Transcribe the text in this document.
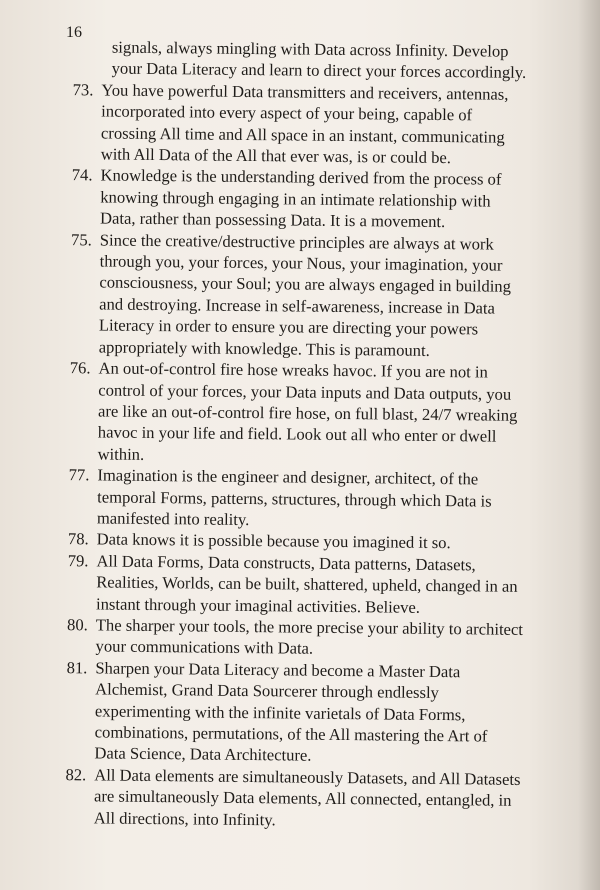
16

signals, always mingling with Data across Infinity. Develop your Data Literacy and learn to direct your forces accordingly.

73. You have powerful Data transmitters and receivers, antennas, incorporated into every aspect of your being, capable of crossing All time and All space in an instant, communicating with All Data of the All that ever was, is or could be.

74. Knowledge is the understanding derived from the process of knowing through engaging in an intimate relationship with Data, rather than possessing Data. It is a movement.

75. Since the creative/destructive principles are always at work through you, your forces, your Nous, your imagination, your consciousness, your Soul; you are always engaged in building and destroying. Increase in self-awareness, increase in Data Literacy in order to ensure you are directing your powers appropriately with knowledge. This is paramount.

76. An out-of-control fire hose wreaks havoc. If you are not in control of your forces, your Data inputs and Data outputs, you are like an out-of-control fire hose, on full blast, 24/7 wreaking havoc in your life and field. Look out all who enter or dwell within.

77. Imagination is the engineer and designer, architect, of the temporal Forms, patterns, structures, through which Data is manifested into reality.

78. Data knows it is possible because you imagined it so.

79. All Data Forms, Data constructs, Data patterns, Datasets, Realities, Worlds, can be built, shattered, upheld, changed in an instant through your imaginal activities. Believe.

80. The sharper your tools, the more precise your ability to architect your communications with Data.

81. Sharpen your Data Literacy and become a Master Data Alchemist, Grand Data Sourcerer through endlessly experimenting with the infinite varietals of Data Forms, combinations, permutations, of the All mastering the Art of Data Science, Data Architecture.

82. All Data elements are simultaneously Datasets, and All Datasets are simultaneously Data elements, All connected, entangled, in All directions, into Infinity.
